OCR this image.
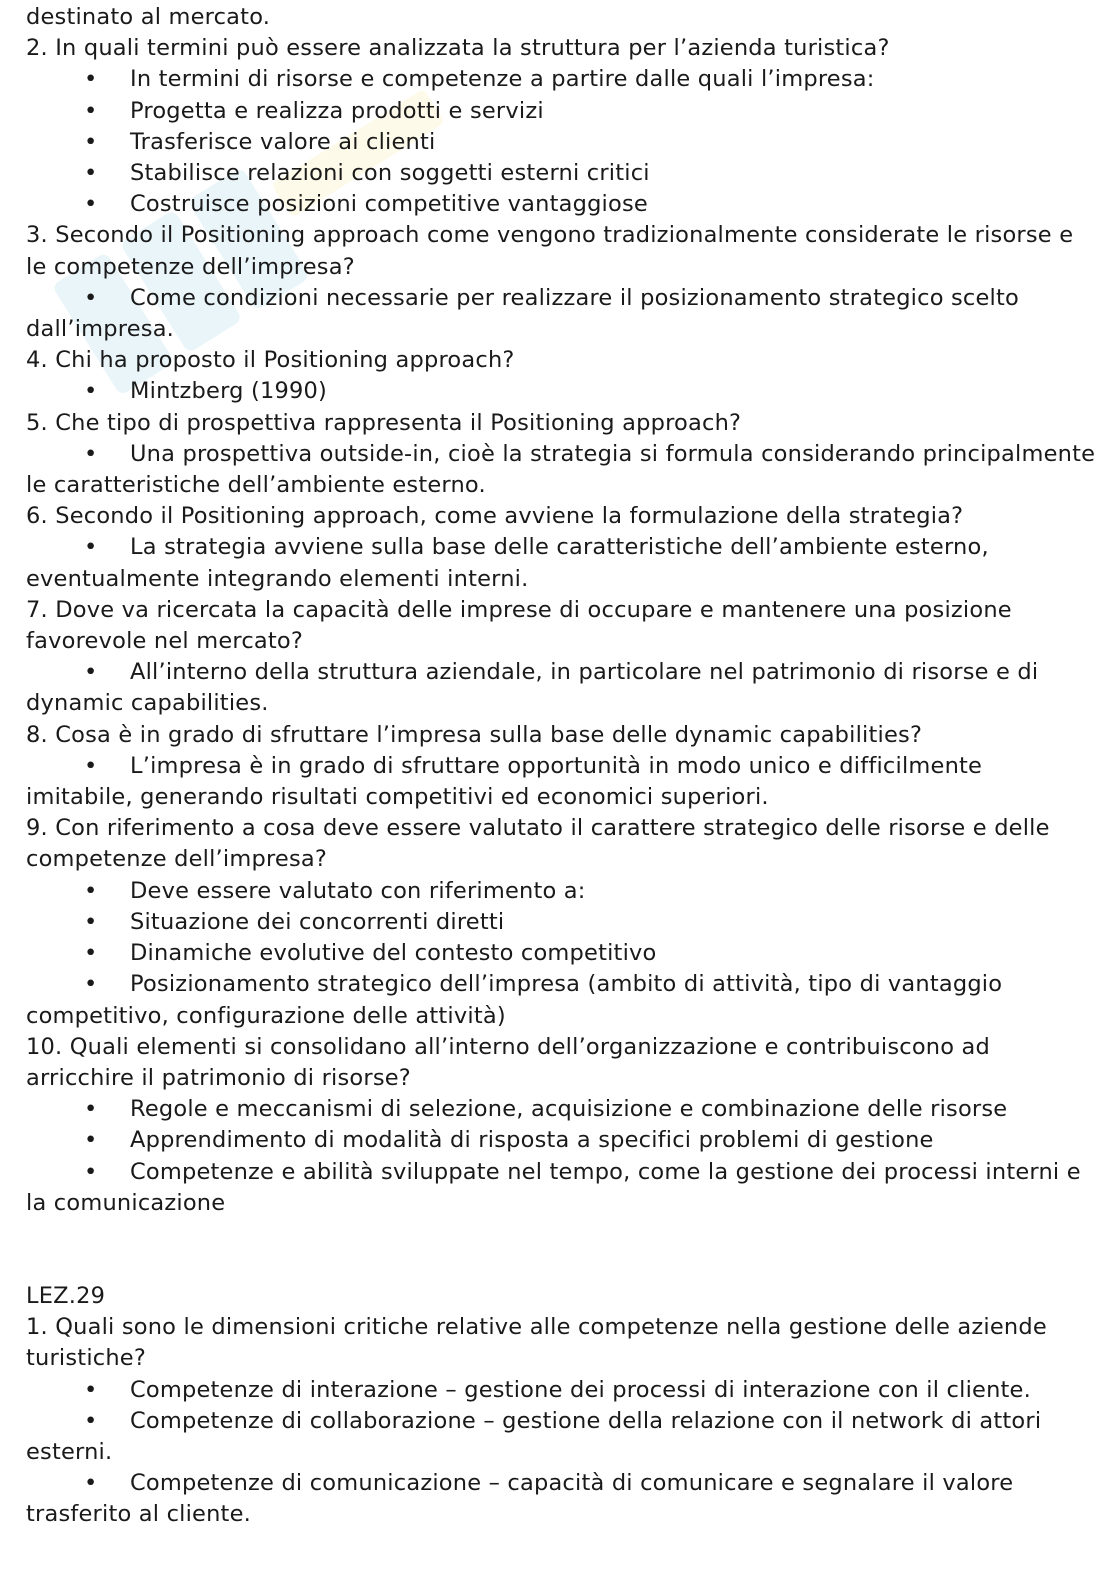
destinato al mercato.
2. In quali termini può essere analizzata la struttura per l’azienda turistica?
• In termini di risorse e competenze a partire dalle quali l’impresa:
• Progetta e realizza prodotti e servizi
• Trasferisce valore ai clienti
• Stabilisce relazioni con soggetti esterni critici
• Costruisce posizioni competitive vantaggiose
3. Secondo il Positioning approach come vengono tradizionalmente considerate le risorse e le competenze dell’impresa?
• Come condizioni necessarie per realizzare il posizionamento strategico scelto dall’impresa.
4. Chi ha proposto il Positioning approach?
• Mintzberg (1990)
5. Che tipo di prospettiva rappresenta il Positioning approach?
• Una prospettiva outside-in, cioè la strategia si formula considerando principalmente le caratteristiche dell’ambiente esterno.
6. Secondo il Positioning approach, come avviene la formulazione della strategia?
• La strategia avviene sulla base delle caratteristiche dell’ambiente esterno, eventualmente integrando elementi interni.
7. Dove va ricercata la capacità delle imprese di occupare e mantenere una posizione favorevole nel mercato?
• All’interno della struttura aziendale, in particolare nel patrimonio di risorse e di dynamic capabilities.
8. Cosa è in grado di sfruttare l’impresa sulla base delle dynamic capabilities?
• L’impresa è in grado di sfruttare opportunità in modo unico e difficilmente imitabile, generando risultati competitivi ed economici superiori.
9. Con riferimento a cosa deve essere valutato il carattere strategico delle risorse e delle competenze dell’impresa?
• Deve essere valutato con riferimento a:
• Situazione dei concorrenti diretti
• Dinamiche evolutive del contesto competitivo
• Posizionamento strategico dell’impresa (ambito di attività, tipo di vantaggio competitivo, configurazione delle attività)
10. Quali elementi si consolidano all’interno dell’organizzazione e contribuiscono ad arricchire il patrimonio di risorse?
• Regole e meccanismi di selezione, acquisizione e combinazione delle risorse
• Apprendimento di modalità di risposta a specifici problemi di gestione
• Competenze e abilità sviluppate nel tempo, come la gestione dei processi interni e la comunicazione
LEZ.29
1. Quali sono le dimensioni critiche relative alle competenze nella gestione delle aziende turistiche?
• Competenze di interazione – gestione dei processi di interazione con il cliente.
• Competenze di collaborazione – gestione della relazione con il network di attori esterni.
• Competenze di comunicazione – capacità di comunicare e segnalare il valore trasferito al cliente.
